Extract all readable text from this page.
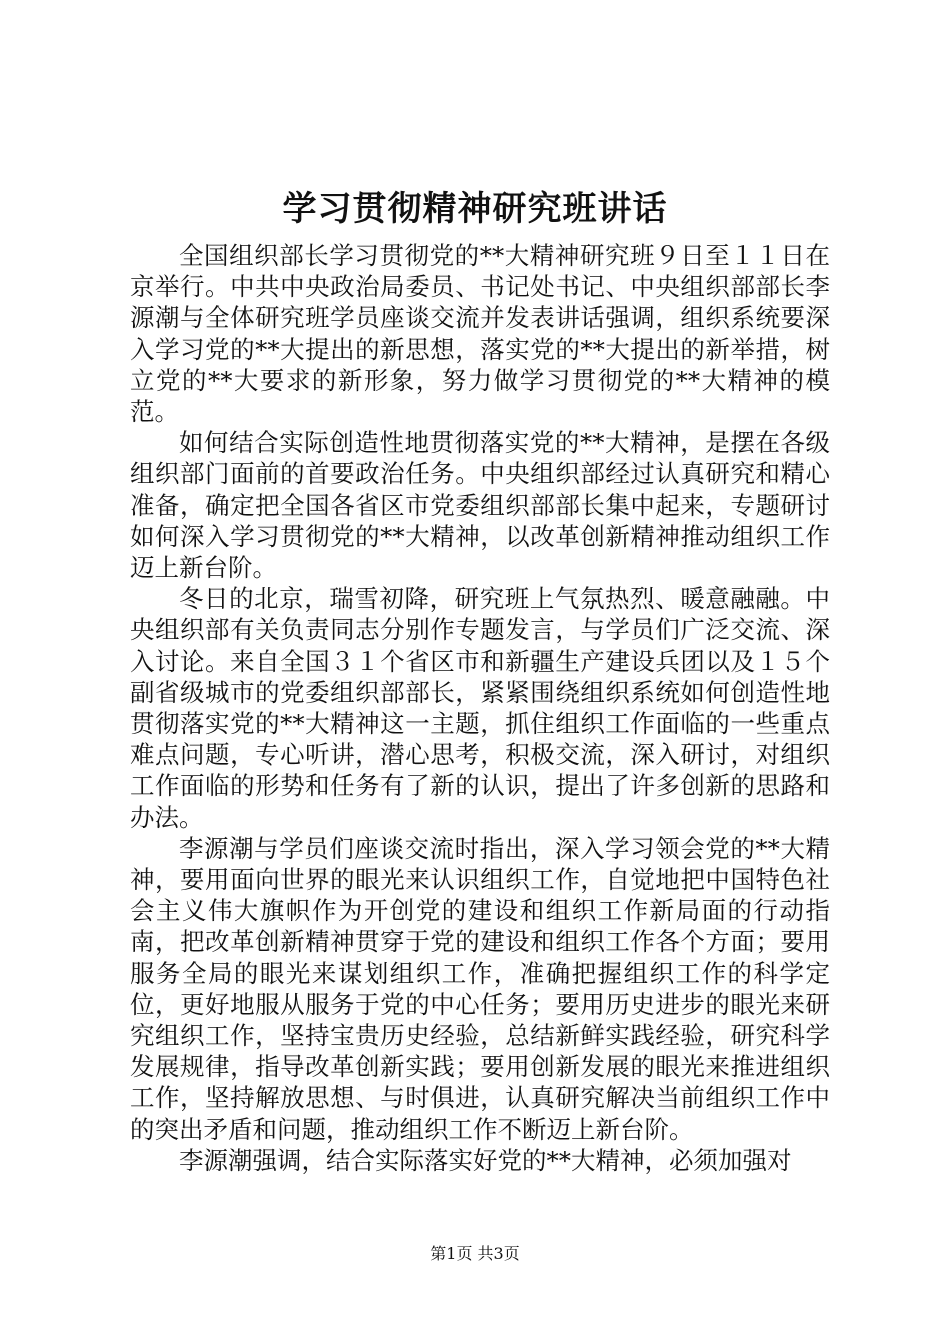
学习贯彻精神研究班讲话

全国组织部长学习贯彻党的**大精神研究班９日至１１日在京举行。中共中央政治局委员、书记处书记、中央组织部部长李源潮与全体研究班学员座谈交流并发表讲话强调，组织系统要深入学习党的**大提出的新思想，落实党的**大提出的新举措，树立党的**大要求的新形象，努力做学习贯彻党的**大精神的模范。

如何结合实际创造性地贯彻落实党的**大精神，是摆在各级组织部门面前的首要政治任务。中央组织部经过认真研究和精心准备，确定把全国各省区市党委组织部部长集中起来，专题研讨如何深入学习贯彻党的**大精神，以改革创新精神推动组织工作迈上新台阶。

冬日的北京，瑞雪初降，研究班上气氛热烈、暖意融融。中央组织部有关负责同志分别作专题发言，与学员们广泛交流、深入讨论。来自全国３１个省区市和新疆生产建设兵团以及１５个副省级城市的党委组织部部长，紧紧围绕组织系统如何创造性地贯彻落实党的**大精神这一主题，抓住组织工作面临的一些重点难点问题，专心听讲，潜心思考，积极交流，深入研讨，对组织工作面临的形势和任务有了新的认识，提出了许多创新的思路和办法。

李源潮与学员们座谈交流时指出，深入学习领会党的**大精神，要用面向世界的眼光来认识组织工作，自觉地把中国特色社会主义伟大旗帜作为开创党的建设和组织工作新局面的行动指南，把改革创新精神贯穿于党的建设和组织工作各个方面；要用服务全局的眼光来谋划组织工作，准确把握组织工作的科学定位，更好地服从服务于党的中心任务；要用历史进步的眼光来研究组织工作，坚持宝贵历史经验，总结新鲜实践经验，研究科学发展规律，指导改革创新实践；要用创新发展的眼光来推进组织工作，坚持解放思想、与时俱进，认真研究解决当前组织工作中的突出矛盾和问题，推动组织工作不断迈上新台阶。

李源潮强调，结合实际落实好党的**大精神，必须加强对

第1页 共3页
